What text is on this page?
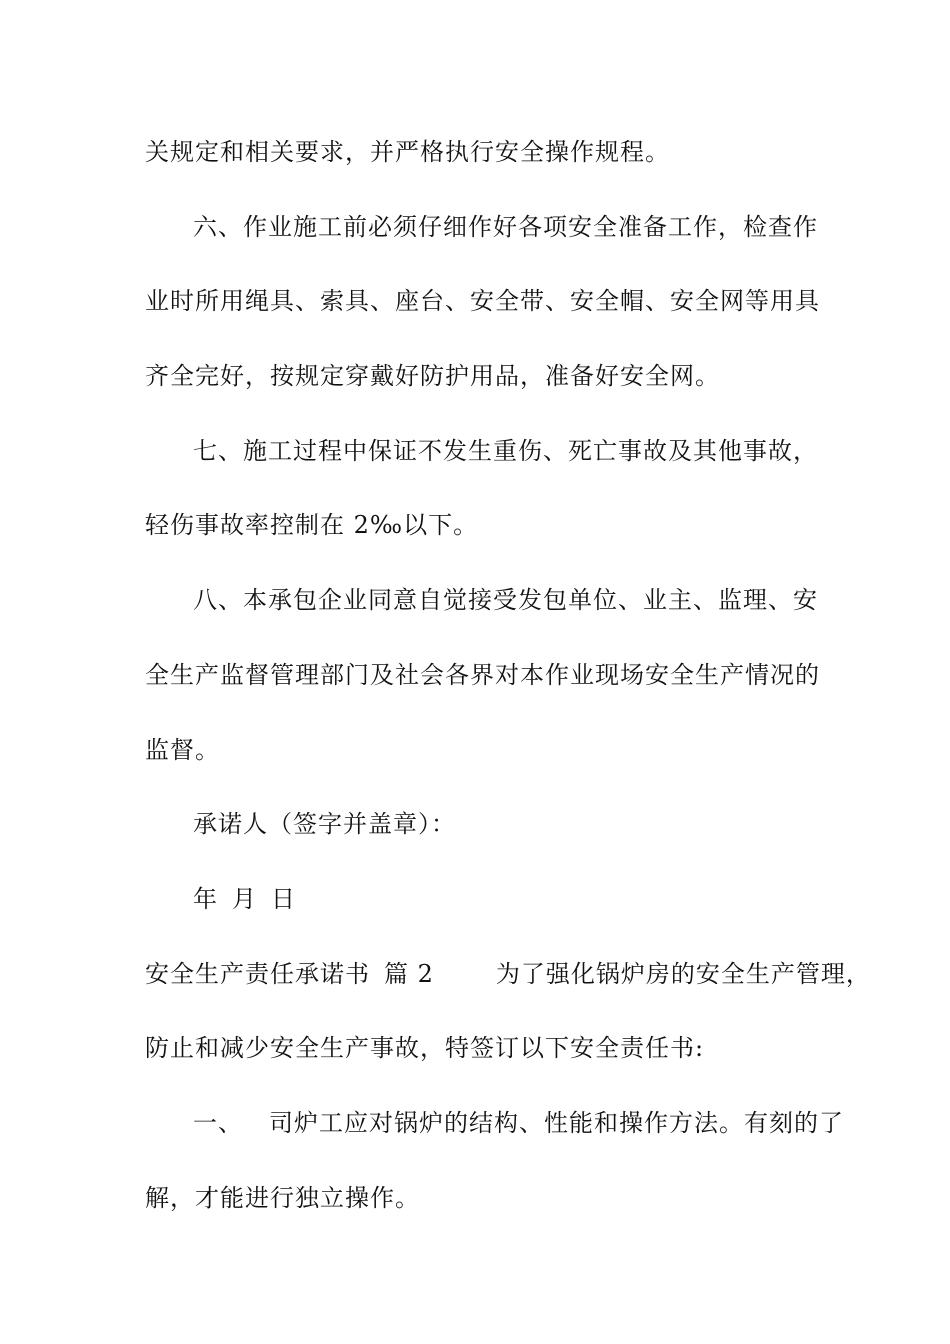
关规定和相关要求，并严格执行安全操作规程。
六、作业施工前必须仔细作好各项安全准备工作，检查作
业时所用绳具、索具、座台、安全带、安全帽、安全网等用具
齐全完好，按规定穿戴好防护用品，准备好安全网。
七、施工过程中保证不发生重伤、死亡事故及其他事故，
轻伤事故率控制在 2‰以下。
八、本承包企业同意自觉接受发包单位、业主、监理、安
全生产监督管理部门及社会各界对本作业现场安全生产情况的
监督。
承诺人（签字并盖章）：
年 月 日
安全生产责任承诺书 篇 2	为了强化锅炉房的安全生产管理，
防止和减少安全生产事故，特签订以下安全责任书:
一、 司炉工应对锅炉的结构、性能和操作方法。有刻的了
解，才能进行独立操作。
